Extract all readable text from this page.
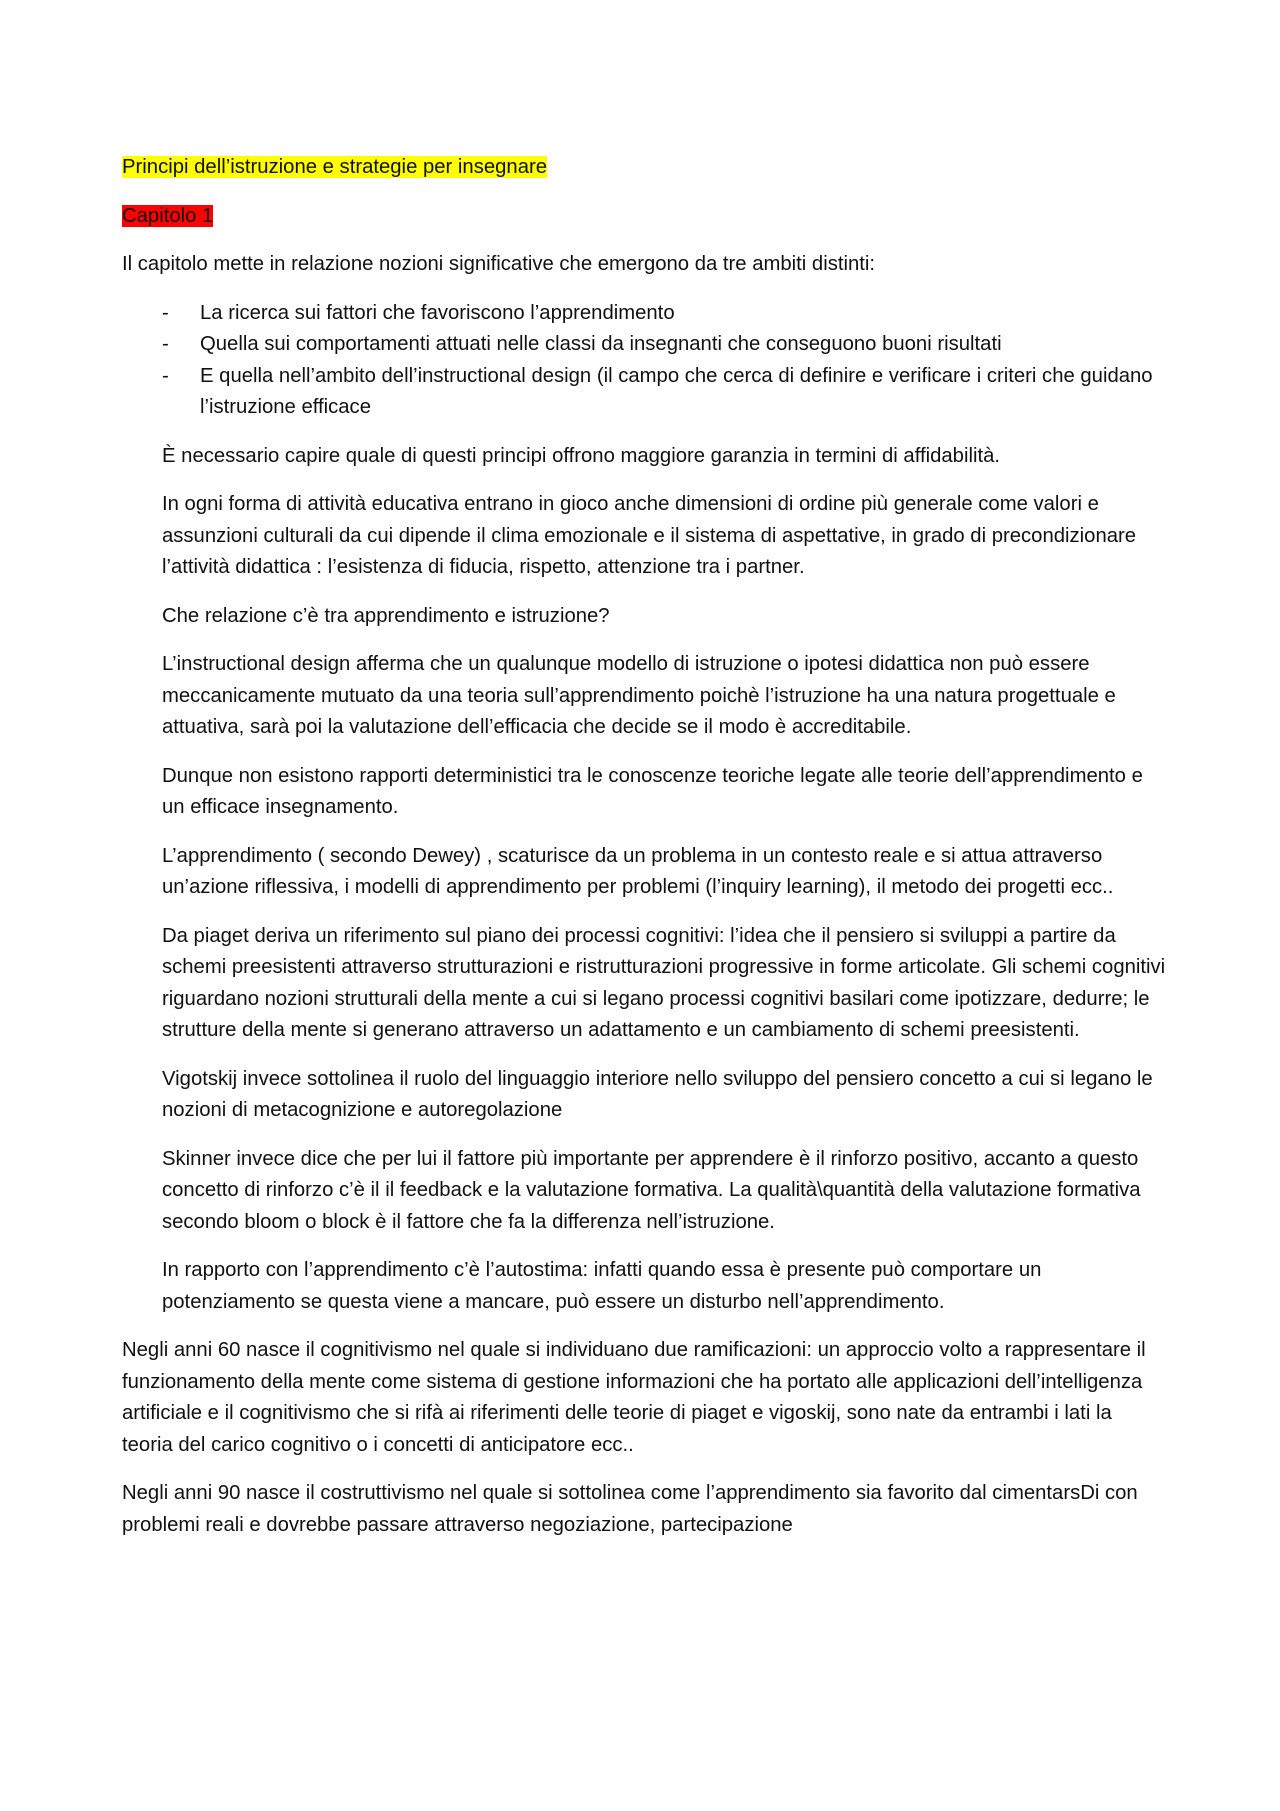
Principi dell’istruzione e strategie per insegnare
Capitolo 1

Il capitolo mette in relazione nozioni significative che emergono da tre ambiti distinti:

- La ricerca sui fattori che favoriscono l’apprendimento
- Quella sui comportamenti attuati nelle classi da insegnanti che conseguono buoni risultati
- E quella nell’ambito dell’instructional design (il campo che cerca di definire e verificare i criteri che guidano l’istruzione efficace

È necessario capire quale di questi principi offrono maggiore garanzia in termini di affidabilità.

In ogni forma di attività educativa entrano in gioco anche dimensioni di ordine più generale come valori e assunzioni culturali da cui dipende il clima emozionale e il sistema di aspettative, in grado di precondizionare l’attività didattica : l’esistenza di fiducia, rispetto, attenzione tra i partner.

Che relazione c’è tra apprendimento e istruzione?

L’instructional design afferma che un qualunque modello di istruzione o ipotesi didattica non può essere meccanicamente mutuato da una teoria sull’apprendimento poichè l’istruzione ha una natura progettuale e attuativa, sarà poi la valutazione dell’efficacia che decide se il modo è accreditabile.

Dunque non esistono rapporti deterministici tra le conoscenze teoriche legate alle teorie dell’apprendimento e un efficace insegnamento.

L’apprendimento ( secondo Dewey) , scaturisce da un problema in un contesto reale e si attua attraverso un’azione riflessiva, i modelli di apprendimento per problemi (l’inquiry learning), il metodo dei progetti ecc..

Da piaget deriva un riferimento sul piano dei processi cognitivi: l’idea che il pensiero si sviluppi a partire da schemi preesistenti attraverso strutturazioni e ristrutturazioni progressive in forme articolate. Gli schemi cognitivi riguardano nozioni strutturali della mente a cui si legano processi cognitivi basilari come ipotizzare, dedurre; le strutture della mente si generano attraverso un adattamento e un cambiamento di schemi preesistenti.

Vigotskij invece sottolinea il ruolo del linguaggio interiore nello sviluppo del pensiero concetto a cui si legano le nozioni di metacognizione e autoregolazione

Skinner invece dice che per lui il fattore più importante per apprendere è il rinforzo positivo, accanto a questo concetto di rinforzo c’è il il feedback e la valutazione formativa. La qualità\quantità della valutazione formativa secondo bloom o block è il fattore che fa la differenza nell’istruzione.

In rapporto con l’apprendimento c’è l’autostima: infatti quando essa è presente può comportare un potenziamento se questa viene a mancare, può essere un disturbo nell’apprendimento.

Negli anni 60 nasce il cognitivismo nel quale si individuano due ramificazioni: un approccio volto a rappresentare il funzionamento della mente come sistema di gestione informazioni che ha portato alle applicazioni dell’intelligenza artificiale e il cognitivismo che si rifà ai riferimenti delle teorie di piaget e vigoskij, sono nate da entrambi i lati la teoria del carico cognitivo o i concetti di anticipatore ecc..

Negli anni 90 nasce il costruttivismo nel quale si sottolinea come l’apprendimento sia favorito dal cimentarsDi con problemi reali e dovrebbe passare attraverso negoziazione, partecipazione
